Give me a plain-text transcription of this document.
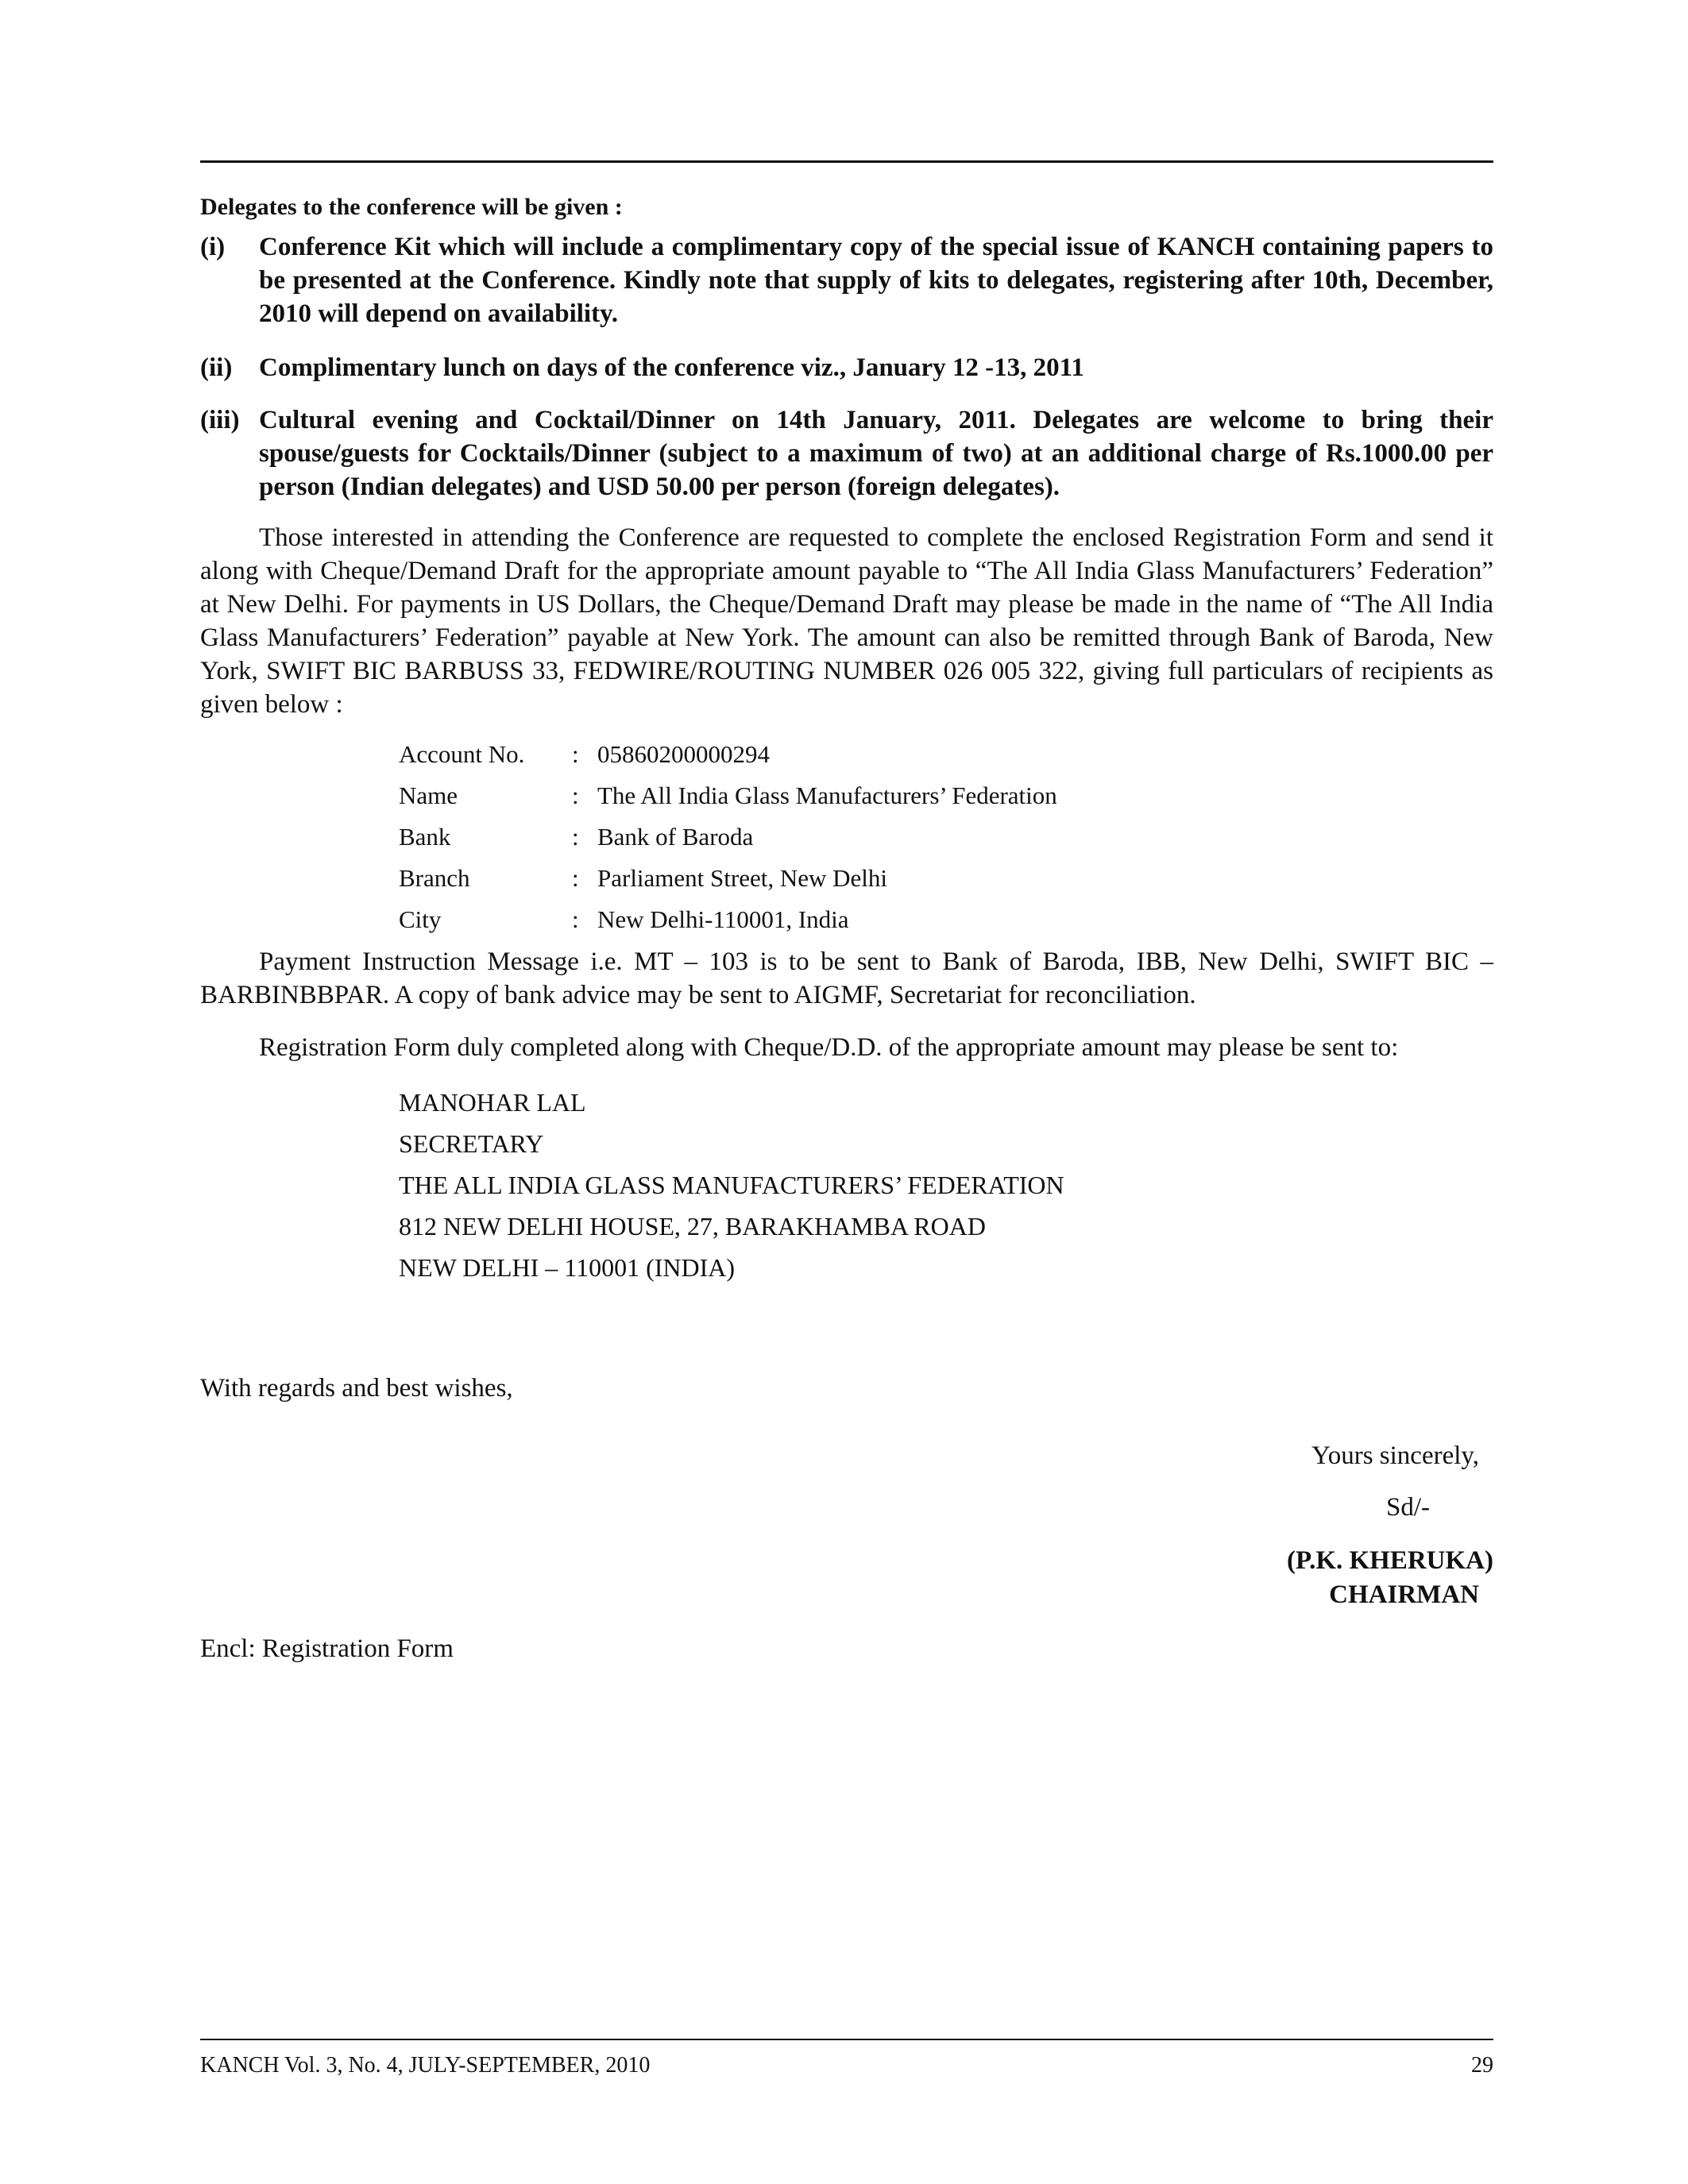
Delegates to the conference will be given :
(i)	Conference Kit which will include a complimentary copy of the special issue of KANCH containing papers to be presented at the Conference. Kindly note that supply of kits to delegates, registering after 10th, December, 2010 will depend on availability.
(ii)	Complimentary lunch on days of the conference viz., January 12 -13, 2011
(iii) Cultural evening and Cocktail/Dinner on 14th January, 2011. Delegates are welcome to bring their spouse/guests for Cocktails/Dinner (subject to a maximum of two) at an additional charge of Rs.1000.00 per person (Indian delegates) and USD 50.00 per person (foreign delegates).
Those interested in attending the Conference are requested to complete the enclosed Registration Form and send it along with Cheque/Demand Draft for the appropriate amount payable to “The All India Glass Manufacturers’ Federation” at New Delhi. For payments in US Dollars, the Cheque/Demand Draft may please be made in the name of “The All India Glass Manufacturers’ Federation” payable at New York. The amount can also be remitted through Bank of Baroda, New York, SWIFT BIC BARBUSS 33, FEDWIRE/ROUTING NUMBER 026 005 322, giving full particulars of recipients as given below :
Account No. : 05860200000294
Name	: The All India Glass Manufacturers’ Federation
Bank	: Bank of Baroda
Branch	: Parliament Street, New Delhi
City	: New Delhi-110001, India
Payment Instruction Message i.e. MT – 103 is to be sent to Bank of Baroda, IBB, New Delhi, SWIFT BIC – BARBINBBPAR. A copy of bank advice may be sent to AIGMF, Secretariat for reconciliation.
Registration Form duly completed along with Cheque/D.D. of the appropriate amount may please be sent to:
MANOHAR LAL
SECRETARY
THE ALL INDIA GLASS MANUFACTURERS’ FEDERATION
812 NEW DELHI HOUSE, 27, BARAKHAMBA ROAD
NEW DELHI – 110001 (INDIA)
With regards and best wishes,
Yours sincerely,
Sd/-
(P.K. KHERUKA)
CHAIRMAN
Encl: Registration Form
KANCH Vol. 3, No. 4, JULY-SEPTEMBER, 2010	29
